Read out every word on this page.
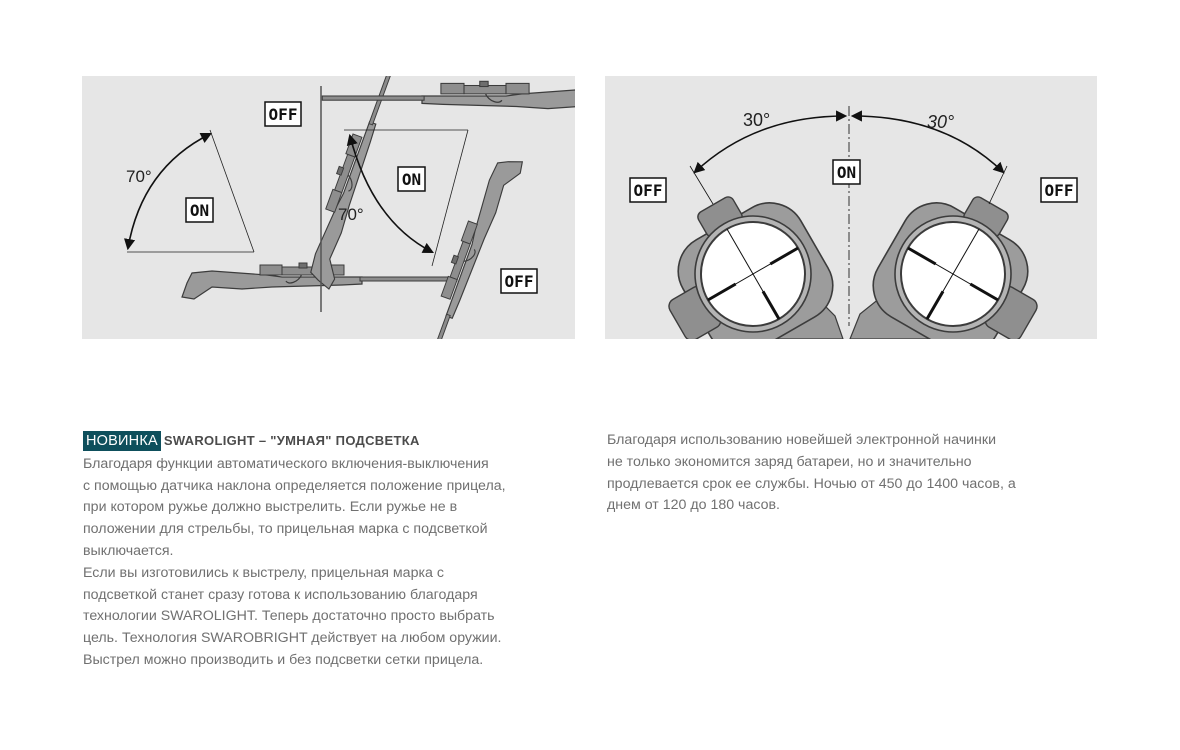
70°
ON
OFF
70°
ON
OFF
30°	30°
ON
OFF	OFF
НОВИНКА SWAROLIGHT – "УМНАЯ" ПОДСВЕТКА
Благодаря функции автоматического включения-выключения
с помощью датчика наклона определяется положение прицела,
при котором ружье должно выстрелить. Если ружье не в
положении для стрельбы, то прицельная марка с подсветкой
выключается.
Если вы изготовились к выстрелу, прицельная марка с
подсветкой станет сразу готова к использованию благодаря
технологии SWAROLIGHT. Теперь достаточно просто выбрать
цель. Технология SWAROBRIGHT действует на любом оружии.
Выстрел можно производить и без подсветки сетки прицела.
Благодаря использованию новейшей электронной начинки
не только экономится заряд батареи, но и значительно
продлевается срок ее службы. Ночью от 450 до 1400 часов, а
днем от 120 до 180 часов.
